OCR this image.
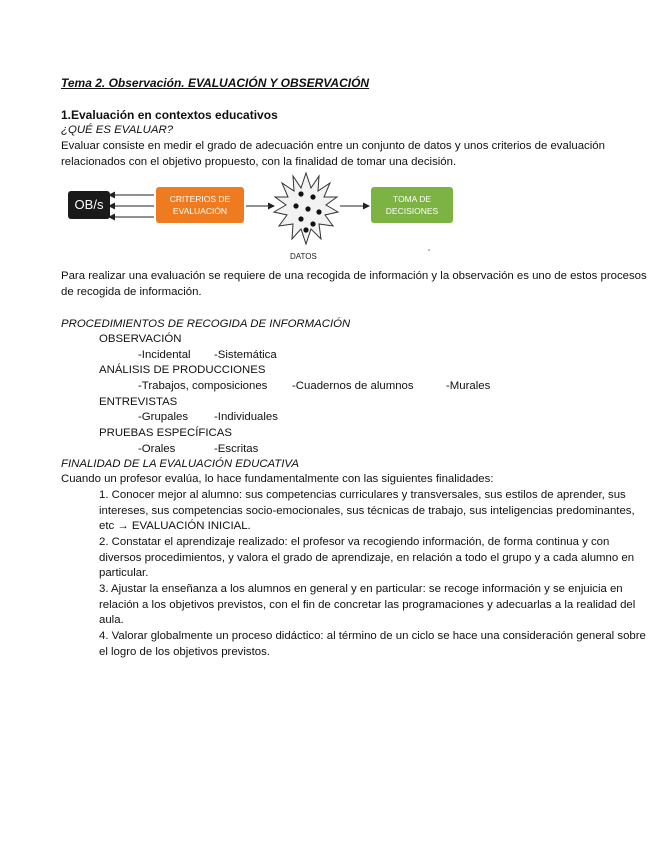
Tema 2. Observación. EVALUACIÓN Y OBSERVACIÓN
1.Evaluación en contextos educativos
¿QUÉ ES EVALUAR?
Evaluar consiste en medir el grado de adecuación entre un conjunto de datos y unos criterios de evaluación relacionados con el objetivo propuesto, con la finalidad de tomar una decisión.
OB/s	CRITERIOS DE
EVALUACIÓN
TOMA DE
DECISIONES
DATOS
Para realizar una evaluación se requiere de una recogida de información y la observación es uno de estos procesos de recogida de información.
PROCEDIMIENTOS DE RECOGIDA DE INFORMACIÓN
OBSERVACIÓN
-Incidental -Sistemática
ANÁLISIS DE PRODUCCIONES
-Trabajos, composiciones -Cuadernos de alumnos	-Murales
ENTREVISTAS
-Grupales -Individuales
PRUEBAS ESPECÍFICAS
-Orales	-Escritas
FINALIDAD DE LA EVALUACIÓN EDUCATIVA
Cuando un profesor evalúa, lo hace fundamentalmente con las siguientes finalidades:
1. Conocer mejor al alumno: sus competencias curriculares y transversales, sus estilos de aprender, sus intereses, sus competencias socio-emocionales, sus técnicas de trabajo, sus inteligencias predominantes, etc → EVALUACIÓN INICIAL.
2. Constatar el aprendizaje realizado: el profesor va recogiendo información, de forma continua y con diversos procedimientos, y valora el grado de aprendizaje, en relación a todo el grupo y a cada alumno en particular.
3. Ajustar la enseñanza a los alumnos en general y en particular: se recoge información y se enjuicia en relación a los objetivos previstos, con el fin de concretar las programaciones y adecuarlas a la realidad del aula.
4. Valorar globalmente un proceso didáctico: al término de un ciclo se hace una consideración general sobre el logro de los objetivos previstos.
